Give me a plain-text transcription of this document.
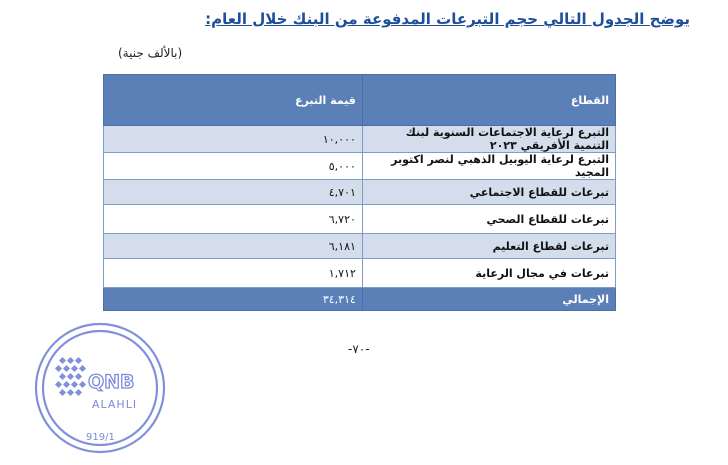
يوضح الجدول التالي حجم التبرعات المدفوعة من البنك خلال العام:
(بالألف جنية)
قيمة التبرع	القطاع
١٠,٠٠٠	التبرع لرعاية الاجتماعات السنوية لبنك التنمية الأفريقي ٢٠٢٣
٥,٠٠٠	التبرع لرعاية اليوبيل الذهبي لنصر اكتوبر المجيد
٤,٧٠١	تبرعات للقطاع الاجتماعي
٦,٧٢٠	تبرعات للقطاع الصحي
٦,١٨١	تبرعات لقطاع التعليم
١,٧١٢	تبرعات في مجال الرعاية
٣٤,٣١٤	الإجمالي
-٧٠-
QNB
ALAHLI
919/1
